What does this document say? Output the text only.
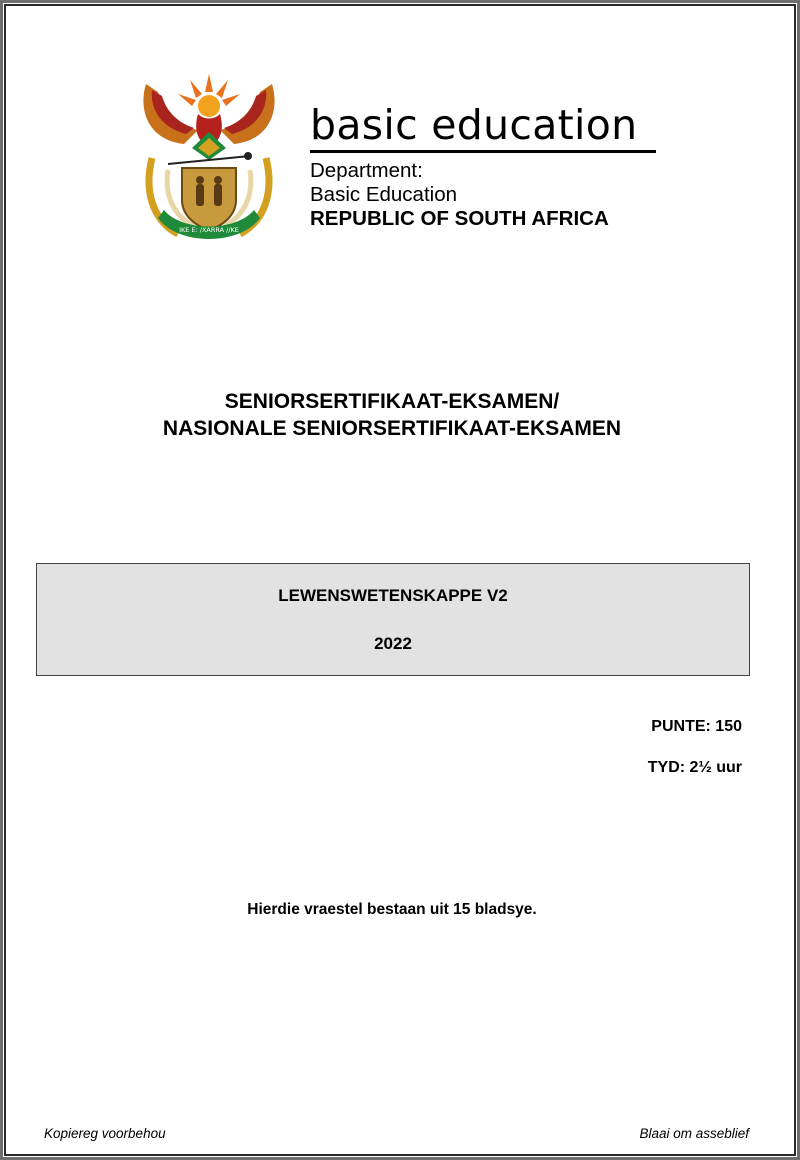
IKE E: /XARRA //KE
basic education
Department:
Basic Education
REPUBLIC OF SOUTH AFRICA
SENIORSERTIFIKAAT-EKSAMEN/
NASIONALE SENIORSERTIFIKAAT-EKSAMEN
LEWENSWETENSKAPPE V2
2022
PUNTE: 150
TYD: 2½ uur
Hierdie vraestel bestaan uit 15 bladsye.
Kopiereg voorbehou	Blaai om asseblief
